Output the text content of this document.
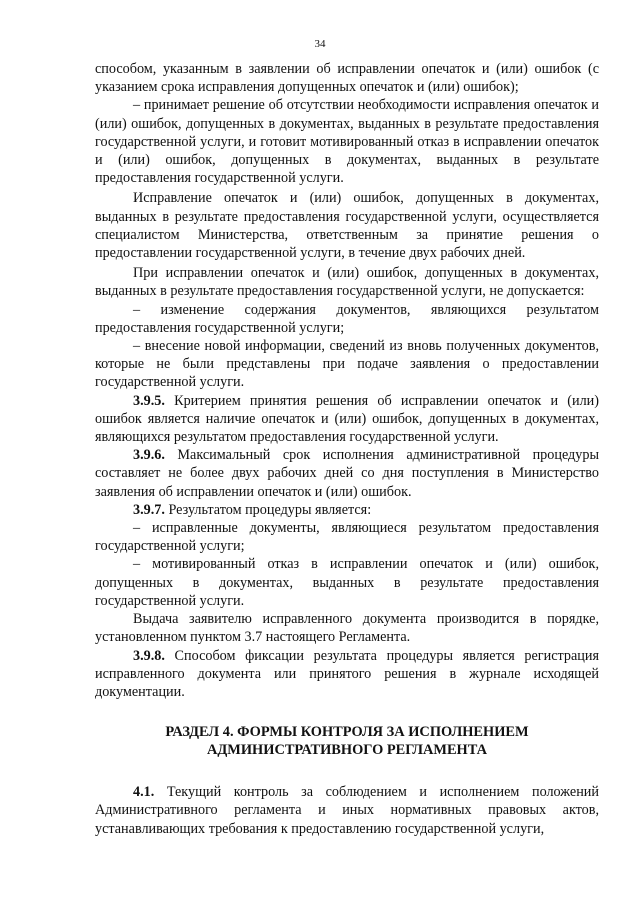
34

способом, указанным в заявлении об исправлении опечаток и (или) ошибок (с указанием срока исправления допущенных опечаток и (или) ошибок);

– принимает решение об отсутствии необходимости исправления опечаток и (или) ошибок, допущенных в документах, выданных в результате предоставления государственной услуги, и готовит мотивированный отказ в исправлении опечаток и (или) ошибок, допущенных в документах, выданных в результате предоставления государственной услуги.

Исправление опечаток и (или) ошибок, допущенных в документах, выданных в результате предоставления государственной услуги, осуществляется специалистом Министерства, ответственным за принятие решения о предоставлении государственной услуги, в течение двух рабочих дней.

При исправлении опечаток и (или) ошибок, допущенных в документах, выданных в результате предоставления государственной услуги, не допускается:

– изменение содержания документов, являющихся результатом предоставления государственной услуги;

– внесение новой информации, сведений из вновь полученных документов, которые не были представлены при подаче заявления о предоставлении государственной услуги.

3.9.5. Критерием принятия решения об исправлении опечаток и (или) ошибок является наличие опечаток и (или) ошибок, допущенных в документах, являющихся результатом предоставления государственной услуги.

3.9.6. Максимальный срок исполнения административной процедуры составляет не более двух рабочих дней со дня поступления в Министерство заявления об исправлении опечаток и (или) ошибок.

3.9.7. Результатом процедуры является:

– исправленные документы, являющиеся результатом предоставления государственной услуги;

– мотивированный отказ в исправлении опечаток и (или) ошибок, допущенных в документах, выданных в результате предоставления государственной услуги.

Выдача заявителю исправленного документа производится в порядке, установленном пунктом 3.7 настоящего Регламента.

3.9.8. Способом фиксации результата процедуры является регистрация исправленного документа или принятого решения в журнале исходящей документации.

РАЗДЕЛ 4. ФОРМЫ КОНТРОЛЯ ЗА ИСПОЛНЕНИЕМ
АДМИНИСТРАТИВНОГО РЕГЛАМЕНТА

4.1. Текущий контроль за соблюдением и исполнением положений Административного регламента и иных нормативных правовых актов, устанавливающих требования к предоставлению государственной услуги,
